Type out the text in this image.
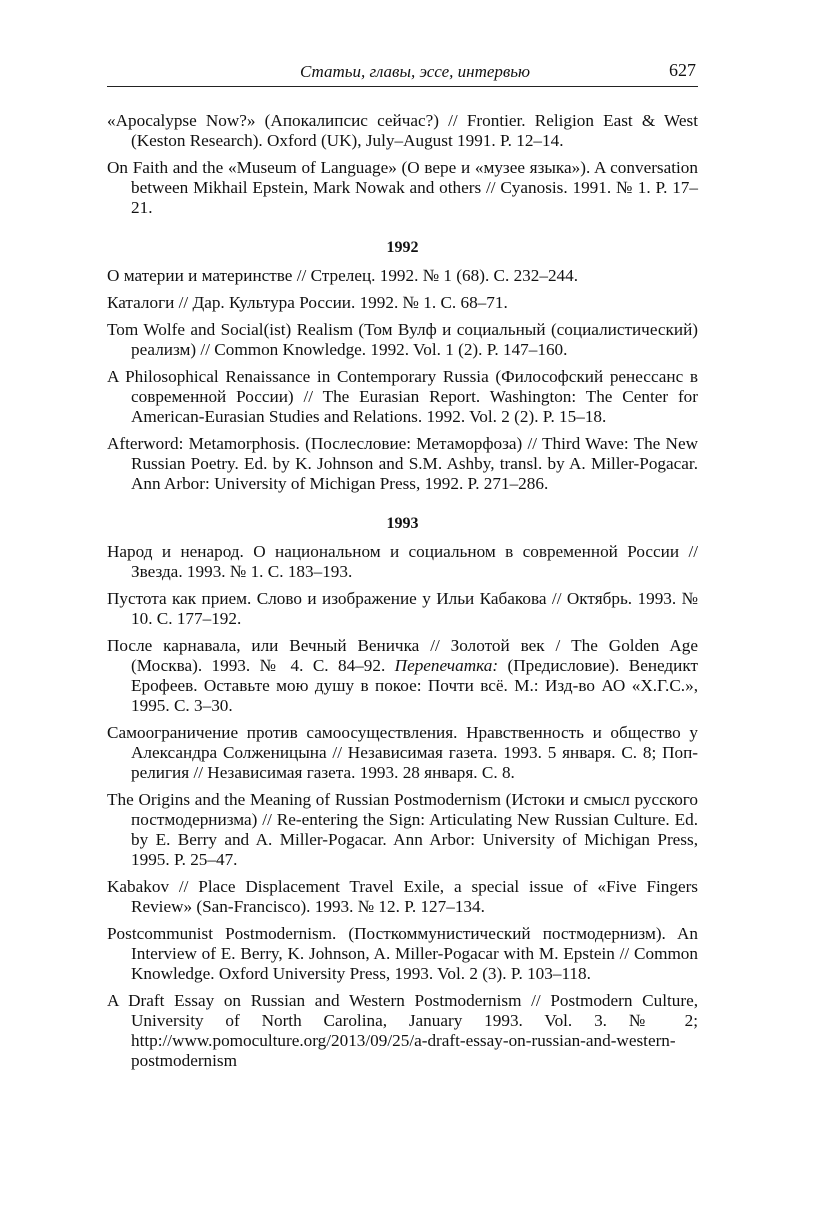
Статьи, главы, эссе, интервью	627

«Apocalypse Now?» (Апокалипсис сейчас?) // Frontier. Religion East & West (Keston Research). Oxford (UK), July–August 1991. P. 12–14.

On Faith and the «Museum of Language» (О вере и «музее языка»). A conversation between Mikhail Epstein, Mark Nowak and others // Cyanosis. 1991. № 1. P. 17–21.

1992

О материи и материнстве // Стрелец. 1992. № 1 (68). С. 232–244.

Каталоги // Дар. Культура России. 1992. № 1. С. 68–71.

Tom Wolfe and Social(ist) Realism (Том Вулф и социальный (социалистический) реализм) // Common Knowledge. 1992. Vol. 1 (2). P. 147–160.

A Philosophical Renaissance in Contemporary Russia (Философский ренессанс в современной России) // The Eurasian Report. Washington: The Center for American-Eurasian Studies and Relations. 1992. Vol. 2 (2). P. 15–18.

Afterword: Metamorphosis. (Послесловие: Метаморфоза) // Third Wave: The New Russian Poetry. Ed. by K. Johnson and S.M. Ashby, transl. by A. Miller-Pogacar. Ann Arbor: University of Michigan Press, 1992. P. 271–286.

1993

Народ и ненарод. О национальном и социальном в современной России // Звезда. 1993. № 1. С. 183–193.

Пустота как прием. Слово и изображение у Ильи Кабакова // Октябрь. 1993. № 10. С. 177–192.

После карнавала, или Вечный Веничка // Золотой век / The Golden Age (Москва). 1993. № 4. С. 84–92. Перепечатка: (Предисловие). Венедикт Ерофеев. Оставьте мою душу в покое: Почти всё. М.: Изд-во АО «Х.Г.С.», 1995. С. 3–30.

Самоограничение против самоосуществления. Нравственность и общество у Александра Солженицына // Независимая газета. 1993. 5 января. С. 8; Поп-религия // Независимая газета. 1993. 28 января. С. 8.

The Origins and the Meaning of Russian Postmodernism (Истоки и смысл русского постмодернизма) // Re-entering the Sign: Articulating New Russian Culture. Ed. by E. Berry and A. Miller-Pogacar. Ann Arbor: University of Michigan Press, 1995. P. 25–47.

Kabakov // Place Displacement Travel Exile, a special issue of «Five Fingers Review» (San-Francisco). 1993. № 12. P. 127–134.

Postcommunist Postmodernism. (Посткоммунистический постмодернизм). An Interview of E. Berry, K. Johnson, A. Miller-Pogacar with M. Epstein // Common Knowledge. Oxford University Press, 1993. Vol. 2 (3). P. 103–118.

A Draft Essay on Russian and Western Postmodernism // Postmodern Culture, University of North Carolina, January 1993. Vol. 3. № 2; http://www.pomoculture.org/2013/09/25/a-draft-essay-on-russian-and-western-postmodernism
